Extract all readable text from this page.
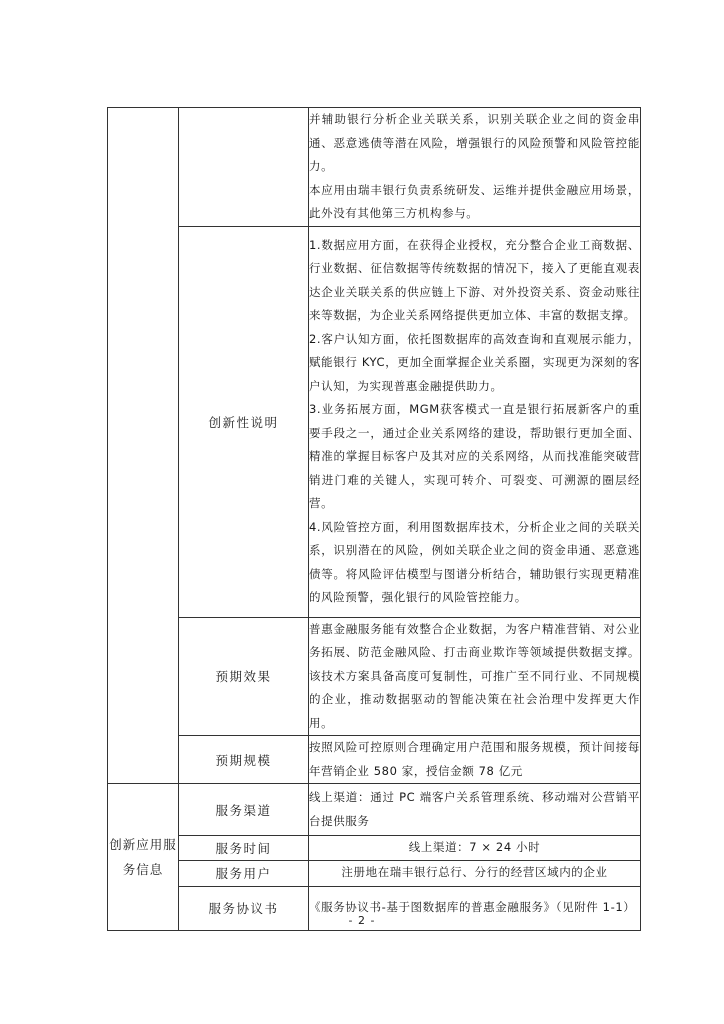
		并辅助银行分析企业关联关系，识别关联企业之间的资金串通、恶意逃债等潜在风险，增强银行的风险预警和风险管控能力。

本应用由瑞丰银行负责系统研发、运维并提供金融应用场景，此外没有其他第三方机构参与。

	创新性说明	1.数据应用方面，在获得企业授权，充分整合企业工商数据、行业数据、征信数据等传统数据的情况下，接入了更能直观表达企业关联关系的供应链上下游、对外投资关系、资金动账往来等数据，为企业关系网络提供更加立体、丰富的数据支撑。

2.客户认知方面，依托图数据库的高效查询和直观展示能力，赋能银行 KYC，更加全面掌握企业关系圈，实现更为深刻的客户认知，为实现普惠金融提供助力。

3.业务拓展方面，MGM获客模式一直是银行拓展新客户的重要手段之一，通过企业关系网络的建设，帮助银行更加全面、精准的掌握目标客户及其对应的关系网络，从而找准能突破营销进门难的关键人，实现可转介、可裂变、可溯源的圈层经营。

4.风险管控方面，利用图数据库技术，分析企业之间的关联关系，识别潜在的风险，例如关联企业之间的资金串通、恶意逃债等。将风险评估模型与图谱分析结合，辅助银行实现更精准的风险预警，强化银行的风险管控能力。

	预期效果	普惠金融服务能有效整合企业数据，为客户精准营销、对公业务拓展、防范金融风险、打击商业欺诈等领域提供数据支撑。该技术方案具备高度可复制性，可推广至不同行业、不同规模的企业，推动数据驱动的智能决策在社会治理中发挥更大作用。

	预期规模	按照风险可控原则合理确定用户范围和服务规模，预计间接每年营销企业 580 家，授信金额 78 亿元

创新应用服务信息	服务渠道	线上渠道：通过 PC 端客户关系管理系统、移动端对公营销平台提供服务

	服务时间	线上渠道：7 × 24 小时
	服务用户	注册地在瑞丰银行总行、分行的经营区域内的企业
	服务协议书	《服务协议书-基于图数据库的普惠金融服务》（见附件 1-1）

- 2 -
